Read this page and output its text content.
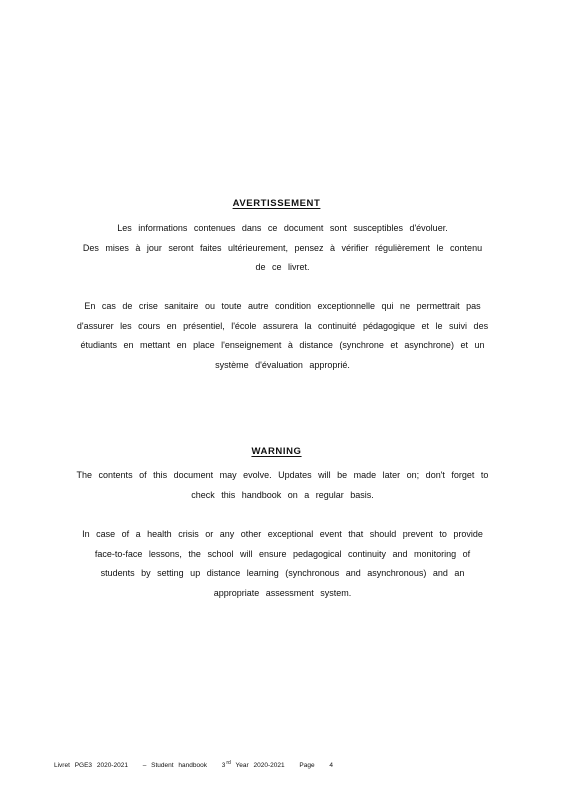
AVERTISSEMENT
Les informations contenues dans ce document sont susceptibles d'évoluer.
Des mises à jour seront faites ultérieurement, pensez à vérifier régulièrement le contenu
de ce livret.
En cas de crise sanitaire ou toute autre condition exceptionnelle qui ne permettrait pas
d'assurer les cours en présentiel, l'école assurera la continuité pédagogique et le suivi des
étudiants en mettant en place l'enseignement à distance (synchrone et asynchrone) et un
système d'évaluation approprié.
WARNING
The contents of this document may evolve. Updates will be made later on; don't forget to
check this handbook on a regular basis.
In case of a health crisis or any other exceptional event that should prevent to provide
face-to-face lessons, the school will ensure pedagogical continuity and monitoring of
students by setting up distance learning (synchronous and asynchronous) and an
appropriate assessment system.
Livret PGE3 2020-2021 – Student handbook 3rd Year 2020-2021 Page 4
